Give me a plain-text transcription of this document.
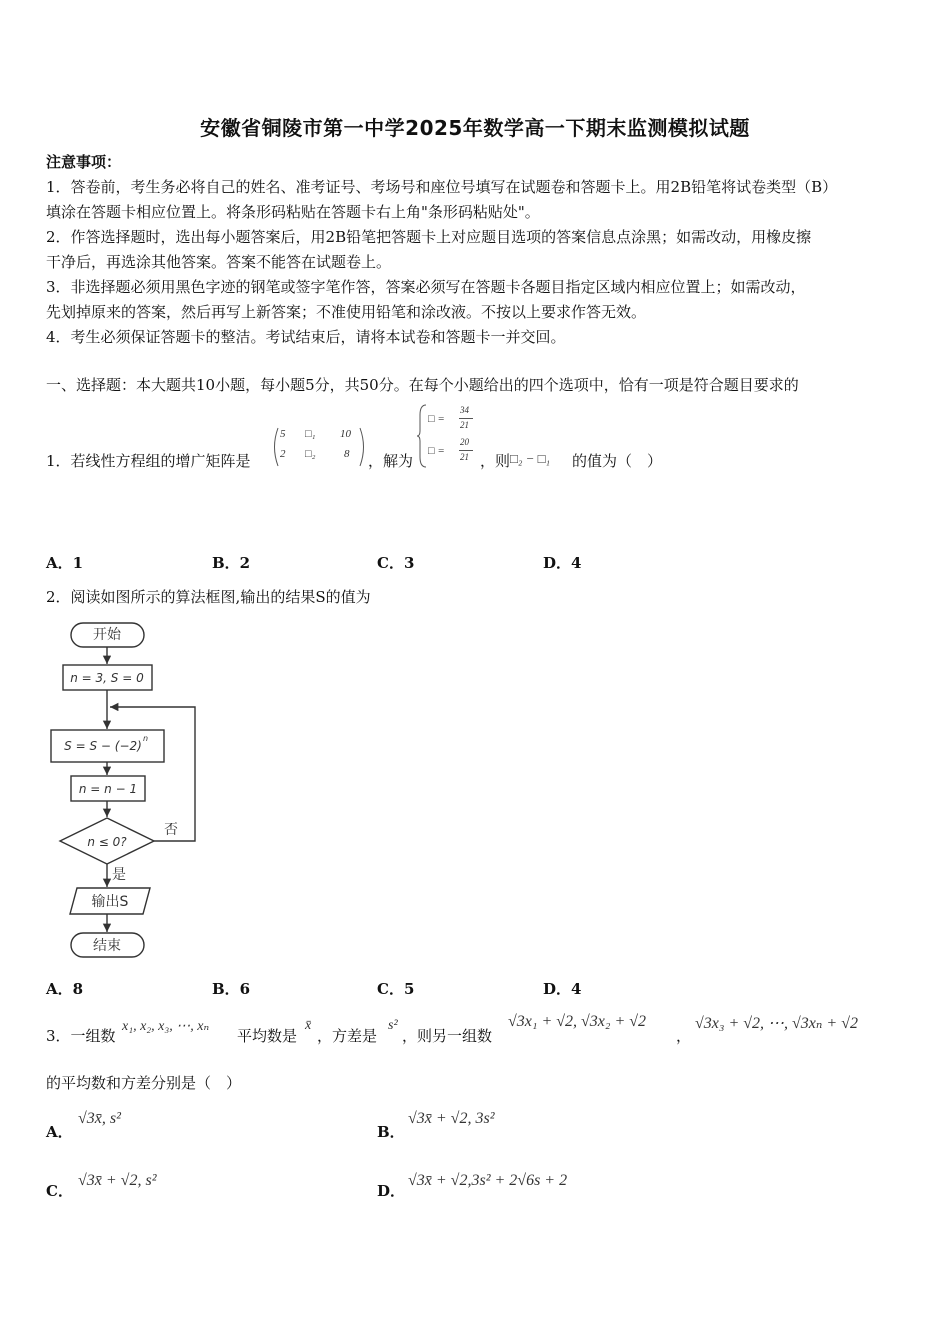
安徽省铜陵市第一中学2025年数学高一下期末监测模拟试题
注意事项：
1．答卷前，考生务必将自己的姓名、准考证号、考场号和座位号填写在试题卷和答题卡上。用2B铅笔将试卷类型（B）
填涂在答题卡相应位置上。将条形码粘贴在答题卡右上角"条形码粘贴处"。
2．作答选择题时，选出每小题答案后，用2B铅笔把答题卡上对应题目选项的答案信息点涂黑；如需改动，用橡皮擦
干净后，再选涂其他答案。答案不能答在试题卷上。
3．非选择题必须用黑色字迹的钢笔或签字笔作答，答案必须写在答题卡各题目指定区域内相应位置上；如需改动，
先划掉原来的答案，然后再写上新答案；不准使用铅笔和涂改液。不按以上要求作答无效。
4．考生必须保证答题卡的整洁。考试结束后，请将本试卷和答题卡一并交回。
一、选择题：本大题共10小题，每小题5分，共50分。在每个小题给出的四个选项中，恰有一项是符合题目要求的
1．若线性方程组的增广矩阵是
5 □₁ 10
2 □₂	8 ，解为
□ =
34
21
□ =
20
21 ，则 □₂ − □₁ 的值为（　）
A．1	B．2	C．3	D．4
2．阅读如图所示的算法框图,输出的结果S的值为
开始
n = 3, S = 0
S = S − (−2)
n
n = n − 1
n ≤ 0?
否
是
输出S
结束
A．8	B．6	C．5	D．4
3．一组数
x₁, x₂, x₃, ⋯, xₙ
平均数是
x̄
，方差是
s²
，则另一组数
√3x₁ + √2, √3x₂ + √2
，
√3x₃ + √2, ⋯, √3xₙ + √2
的平均数和方差分别是（　）
A．
√3x̄, s²
B．
√3x̄ + √2, 3s²
C．
√3x̄ + √2, s²
D．
√3x̄ + √2,3s² + 2√6s + 2
